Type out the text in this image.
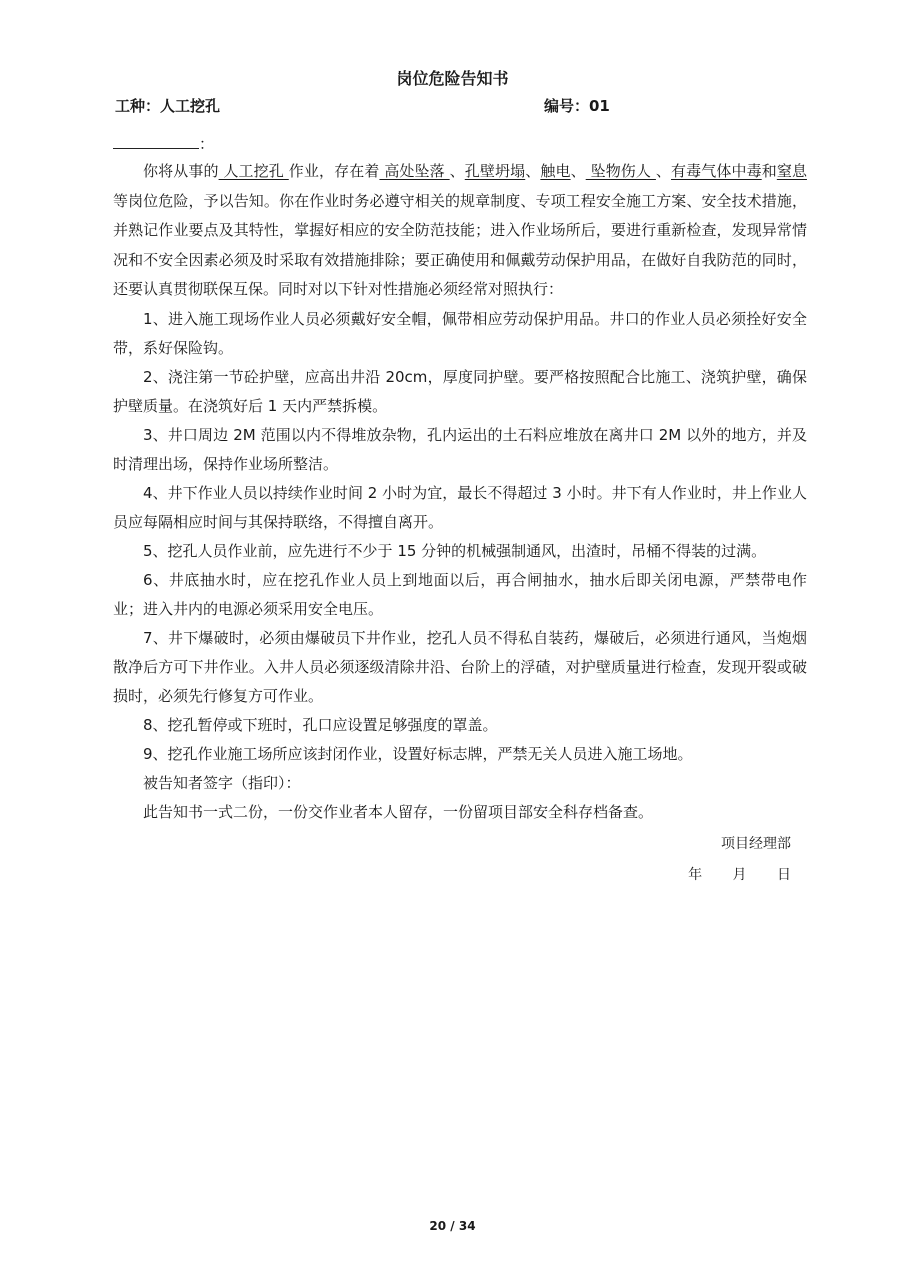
岗位危险告知书
工种：人工挖孔	编号：01
：

你将从事的 人工挖孔 作业，存在着 高处坠落 、孔壁坍塌、触电、 坠物伤人 、有毒气体中毒和窒息等岗位危险，予以告知。你在作业时务必遵守相关的规章制度、专项工程安全施工方案、安全技术措施，并熟记作业要点及其特性，掌握好相应的安全防范技能；进入作业场所后，要进行重新检查，发现异常情况和不安全因素必须及时采取有效措施排除；要正确使用和佩戴劳动保护用品，在做好自我防范的同时，还要认真贯彻联保互保。同时对以下针对性措施必须经常对照执行：

1、进入施工现场作业人员必须戴好安全帽，佩带相应劳动保护用品。井口的作业人员必须拴好安全带，系好保险钩。

2、浇注第一节砼护壁，应高出井沿 20cm，厚度同护壁。要严格按照配合比施工、浇筑护壁，确保护壁质量。在浇筑好后 1 天内严禁拆模。

3、井口周边 2M 范围以内不得堆放杂物，孔内运出的土石料应堆放在离井口 2M 以外的地方，并及时清理出场，保持作业场所整洁。

4、井下作业人员以持续作业时间 2 小时为宜，最长不得超过 3 小时。井下有人作业时，井上作业人员应每隔相应时间与其保持联络，不得擅自离开。

5、挖孔人员作业前，应先进行不少于 15 分钟的机械强制通风，出渣时，吊桶不得装的过满。

6、井底抽水时，应在挖孔作业人员上到地面以后，再合闸抽水，抽水后即关闭电源，严禁带电作业；进入井内的电源必须采用安全电压。

7、井下爆破时，必须由爆破员下井作业，挖孔人员不得私自装药，爆破后，必须进行通风，当炮烟散净后方可下井作业。入井人员必须逐级清除井沿、台阶上的浮碴，对护壁质量进行检查，发现开裂或破损时，必须先行修复方可作业。

8、挖孔暂停或下班时，孔口应设置足够强度的罩盖。

9、挖孔作业施工场所应该封闭作业，设置好标志牌，严禁无关人员进入施工场地。

被告知者签字（指印）：

此告知书一式二份，一份交作业者本人留存，一份留项目部安全科存档备查。

项目经理部
年 月 日
20 / 34
